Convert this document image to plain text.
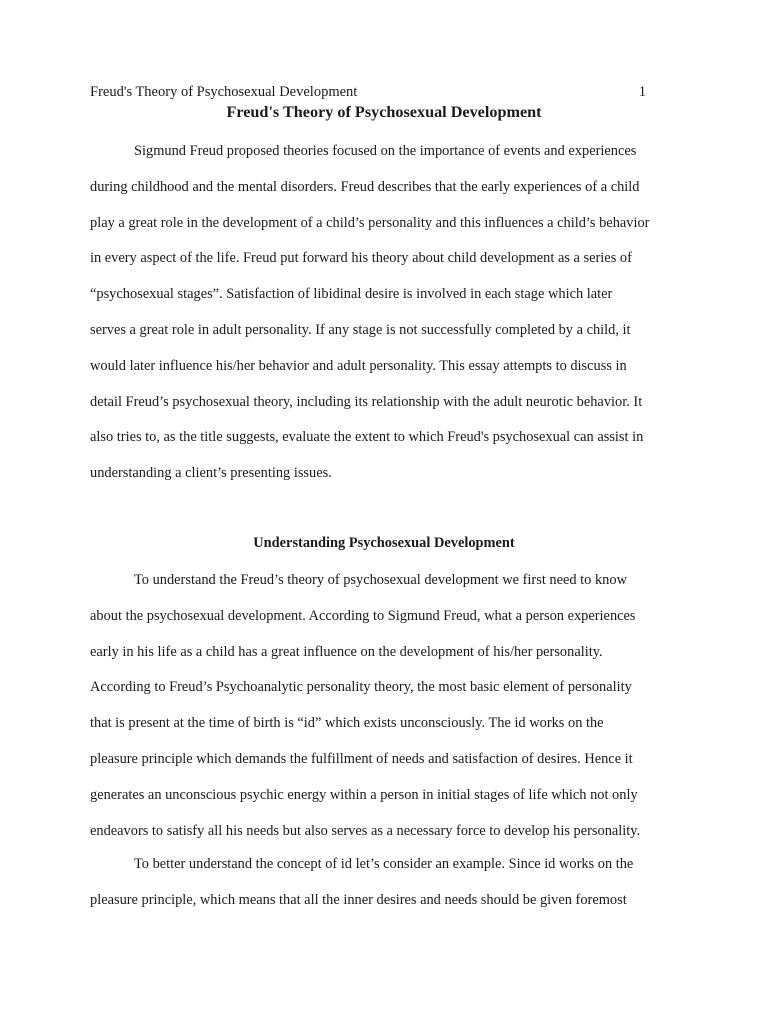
Freud's Theory of Psychosexual Development	1
Freud's Theory of Psychosexual Development
Sigmund Freud proposed theories focused on the importance of events and experiences
during childhood and the mental disorders. Freud describes that the early experiences of a child
play a great role in the development of a child’s personality and this influences a child’s behavior
in every aspect of the life. Freud put forward his theory about child development as a series of
“psychosexual stages”. Satisfaction of libidinal desire is involved in each stage which later
serves a great role in adult personality. If any stage is not successfully completed by a child, it
would later influence his/her behavior and adult personality. This essay attempts to discuss in
detail Freud’s psychosexual theory, including its relationship with the adult neurotic behavior. It
also tries to, as the title suggests, evaluate the extent to which Freud's psychosexual can assist in
understanding a client’s presenting issues.
Understanding Psychosexual Development
To understand the Freud’s theory of psychosexual development we first need to know
about the psychosexual development. According to Sigmund Freud, what a person experiences
early in his life as a child has a great influence on the development of his/her personality.
According to Freud’s Psychoanalytic personality theory, the most basic element of personality
that is present at the time of birth is “id” which exists unconsciously. The id works on the
pleasure principle which demands the fulfillment of needs and satisfaction of desires. Hence it
generates an unconscious psychic energy within a person in initial stages of life which not only
endeavors to satisfy all his needs but also serves as a necessary force to develop his personality.
To better understand the concept of id let’s consider an example. Since id works on the
pleasure principle, which means that all the inner desires and needs should be given foremost
